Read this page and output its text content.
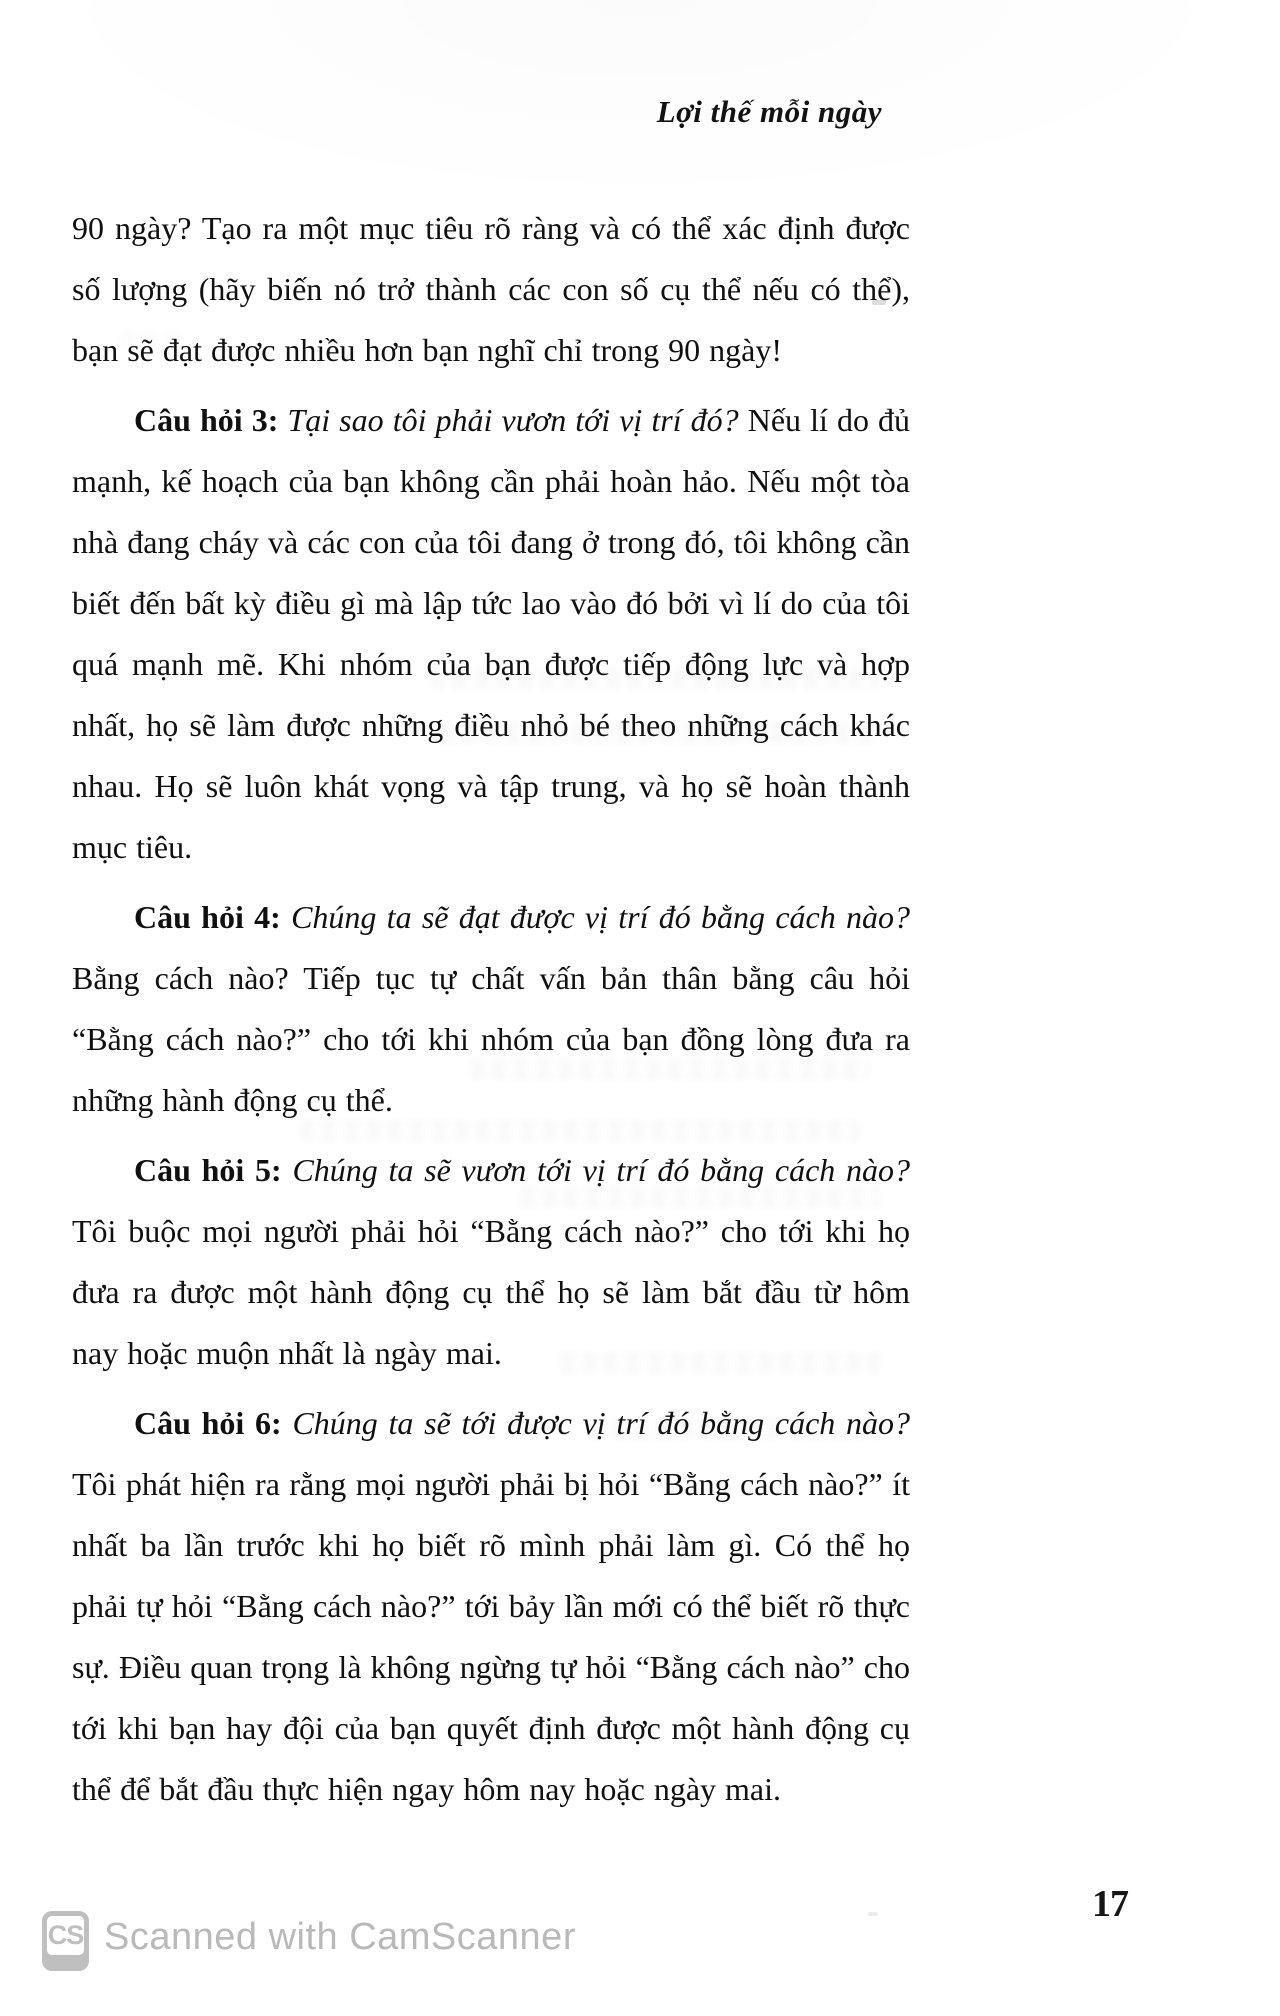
Lợi thế mỗi ngày

90 ngày? Tạo ra một mục tiêu rõ ràng và có thể xác định được số lượng (hãy biến nó trở thành các con số cụ thể nếu có thể), bạn sẽ đạt được nhiều hơn bạn nghĩ chỉ trong 90 ngày!

Câu hỏi 3: Tại sao tôi phải vươn tới vị trí đó? Nếu lí do đủ mạnh, kế hoạch của bạn không cần phải hoàn hảo. Nếu một tòa nhà đang cháy và các con của tôi đang ở trong đó, tôi không cần biết đến bất kỳ điều gì mà lập tức lao vào đó bởi vì lí do của tôi quá mạnh mẽ. Khi nhóm của bạn được tiếp động lực và hợp nhất, họ sẽ làm được những điều nhỏ bé theo những cách khác nhau. Họ sẽ luôn khát vọng và tập trung, và họ sẽ hoàn thành mục tiêu.

Câu hỏi 4: Chúng ta sẽ đạt được vị trí đó bằng cách nào? Bằng cách nào? Tiếp tục tự chất vấn bản thân bằng câu hỏi “Bằng cách nào?” cho tới khi nhóm của bạn đồng lòng đưa ra những hành động cụ thể.

Câu hỏi 5: Chúng ta sẽ vươn tới vị trí đó bằng cách nào? Tôi buộc mọi người phải hỏi “Bằng cách nào?” cho tới khi họ đưa ra được một hành động cụ thể họ sẽ làm bắt đầu từ hôm nay hoặc muộn nhất là ngày mai.

Câu hỏi 6: Chúng ta sẽ tới được vị trí đó bằng cách nào? Tôi phát hiện ra rằng mọi người phải bị hỏi “Bằng cách nào?” ít nhất ba lần trước khi họ biết rõ mình phải làm gì. Có thể họ phải tự hỏi “Bằng cách nào?” tới bảy lần mới có thể biết rõ thực sự. Điều quan trọng là không ngừng tự hỏi “Bằng cách nào” cho tới khi bạn hay đội của bạn quyết định được một hành động cụ thể để bắt đầu thực hiện ngay hôm nay hoặc ngày mai.

17
CS Scanned with CamScanner
